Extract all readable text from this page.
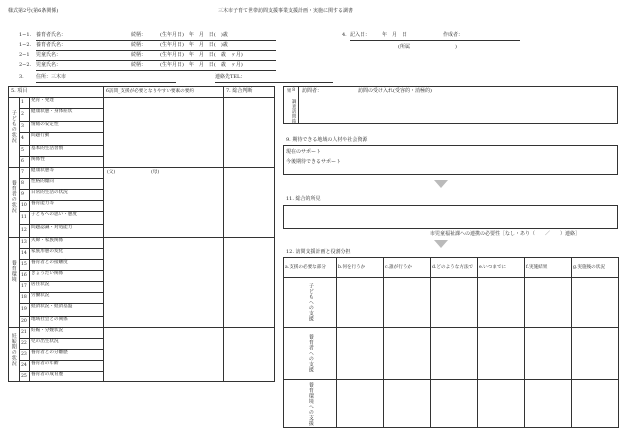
様式第2号(第6条関係)	三木市子育て世帯訪問支援事業支援計画・実施に関する調書
1−1. 養育者氏名：	続柄：	(生年月日)　年　月　日(　)歳
1−2. 養育者氏名：	続柄：	(生年月日)　年　月　日(　)歳
2−1 児童氏名：	続柄：	(生年月日)　年　月　日(　歳　ヶ月)
2−2. 児童氏名：	続柄：	(生年月日)　年　月　日(　歳　ヶ月)
3. 住所：三木市	連絡先TEL：
4. 記入日： 年　月　日	作成者：
(所属　　　　　　　　　)
5. 項目	6訪問_支援が必要となりやすい要素の要約	7. 総合判断
子どもの状況
1 発育・発達
2 健康状態・身体症状
3 情緒の安定性
4 問題行動
5 基本的生活習慣
6 関係性
養育者の状況
7 健康状態等	(父)	(母)
8 性格的傾向
9 日常的生活の状況
10 養育能力等
11 子どもへの思い・態度
12 問題認識・対処能力
養育環境
13 夫婦・家族関係
14 家族形態の変化
15 養育者との接触度
16 きょうだい関係
17 居住状況
18 労働状況
19 経済状況・経済基盤
20 地域社会との関係
妊娠期の状況
21 妊娠・分娩状況
22 児の出生状況
23 養育者との分離歴
24 養育者の年齢
25 養育者の成育歴
8 調査訪問結果	訪問者：	訪問の受け入れ(受容的・消極的)
9. 期待できる地域の人材や社会資源
現在のサポート
今後期待できるサポート
11. 総合的所見
市児童福祉課への連携の必要性［なし・あり（　　／　　）連絡］
12. 訪問支援計画と役割分担
a.支援の必要な部分	b.何を行うか	c.誰が行うか	d.どのような方法で	e.いつまでに	f.実施結果	g.実施後の状況

子どもへの支援						

養育者への支援						

養育環境への支援						
